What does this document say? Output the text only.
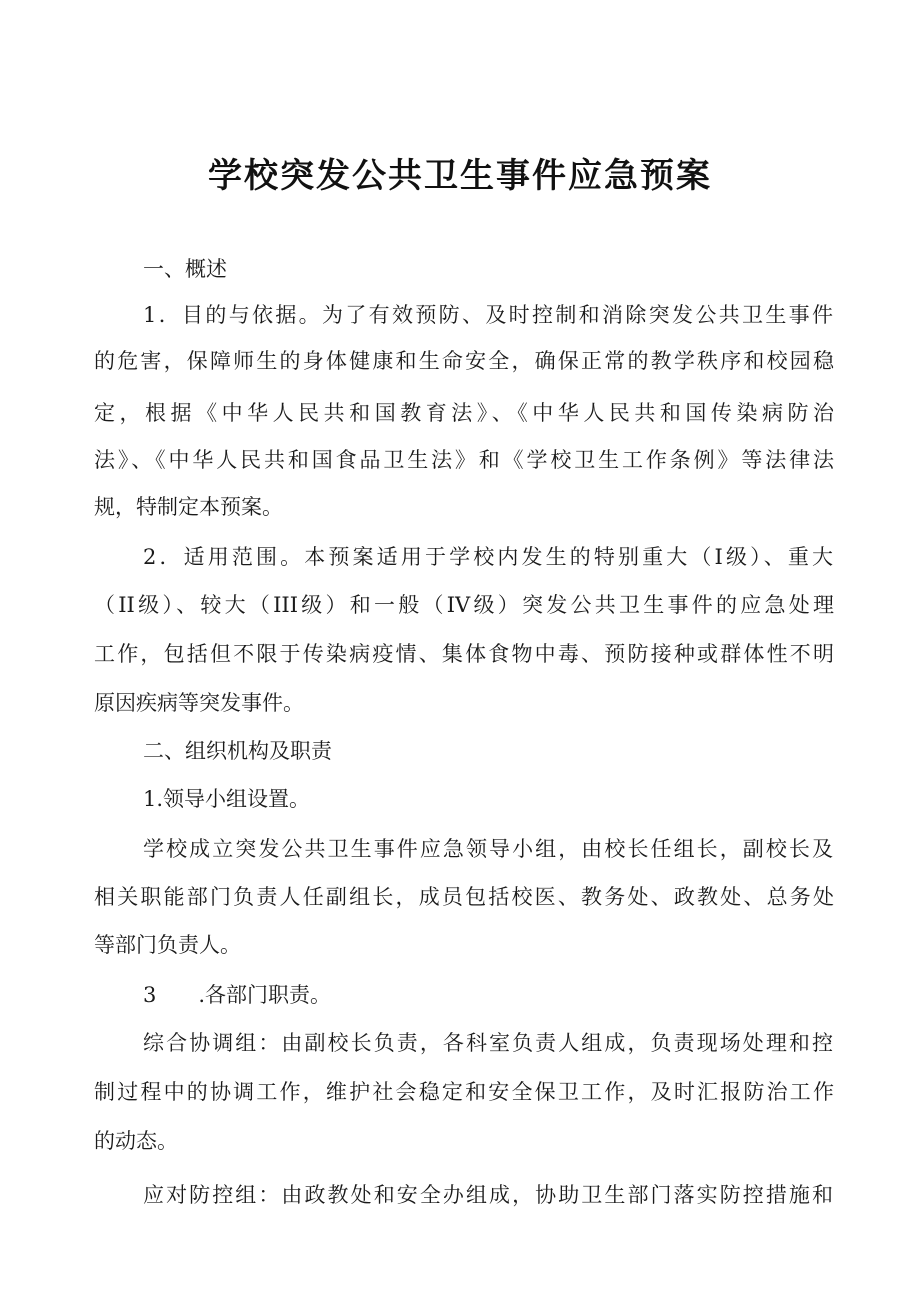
学校突发公共卫生事件应急预案
一、概述
1．目的与依据。为了有效预防、及时控制和消除突发公共卫生事件
的危害，保障师生的身体健康和生命安全，确保正常的教学秩序和校园稳
定，根据《中华人民共和国教育法》、《中华人民共和国传染病防治
法》、《中华人民共和国食品卫生法》和《学校卫生工作条例》等法律法
规，特制定本预案。
2．适用范围。本预案适用于学校内发生的特别重大（I级）、重大
（II级）、较大（III级）和一般（IV级）突发公共卫生事件的应急处理
工作，包括但不限于传染病疫情、集体食物中毒、预防接种或群体性不明
原因疾病等突发事件。
二、组织机构及职责
1.领导小组设置。
学校成立突发公共卫生事件应急领导小组，由校长任组长，副校长及
相关职能部门负责人任副组长，成员包括校医、教务处、政教处、总务处
等部门负责人。
3　　.各部门职责。
综合协调组：由副校长负责，各科室负责人组成，负责现场处理和控
制过程中的协调工作，维护社会稳定和安全保卫工作，及时汇报防治工作
的动态。
应对防控组：由政教处和安全办组成，协助卫生部门落实防控措施和
